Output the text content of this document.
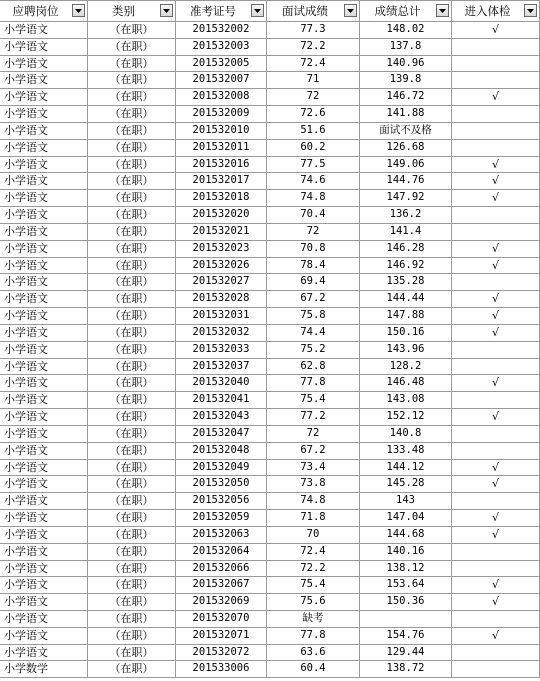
应聘岗位	类别	准考证号	面试成绩	成绩总计	进入体检
小学语文	（在职）	201532002	77.3	148.02	√
小学语文	（在职）	201532003	72.2	137.8
小学语文	（在职）	201532005	72.4	140.96
小学语文	（在职）	201532007	71	139.8
小学语文	（在职）	201532008	72	146.72	√
小学语文	（在职）	201532009	72.6	141.88
小学语文	（在职）	201532010	51.6	面试不及格
小学语文	（在职）	201532011	60.2	126.68
小学语文	（在职）	201532016	77.5	149.06	√
小学语文	（在职）	201532017	74.6	144.76	√
小学语文	（在职）	201532018	74.8	147.92	√
小学语文	（在职）	201532020	70.4	136.2
小学语文	（在职）	201532021	72	141.4
小学语文	（在职）	201532023	70.8	146.28	√
小学语文	（在职）	201532026	78.4	146.92	√
小学语文	（在职）	201532027	69.4	135.28
小学语文	（在职）	201532028	67.2	144.44	√
小学语文	（在职）	201532031	75.8	147.88	√
小学语文	（在职）	201532032	74.4	150.16	√
小学语文	（在职）	201532033	75.2	143.96
小学语文	（在职）	201532037	62.8	128.2
小学语文	（在职）	201532040	77.8	146.48	√
小学语文	（在职）	201532041	75.4	143.08
小学语文	（在职）	201532043	77.2	152.12	√
小学语文	（在职）	201532047	72	140.8
小学语文	（在职）	201532048	67.2	133.48
小学语文	（在职）	201532049	73.4	144.12	√
小学语文	（在职）	201532050	73.8	145.28	√
小学语文	（在职）	201532056	74.8	143
小学语文	（在职）	201532059	71.8	147.04	√
小学语文	（在职）	201532063	70	144.68	√
小学语文	（在职）	201532064	72.4	140.16
小学语文	（在职）	201532066	72.2	138.12
小学语文	（在职）	201532067	75.4	153.64	√
小学语文	（在职）	201532069	75.6	150.36	√
小学语文	（在职）	201532070	缺考
小学语文	（在职）	201532071	77.8	154.76	√
小学语文	（在职）	201532072	63.6	129.44
小学数学	（在职）	201533006	60.4	138.72
